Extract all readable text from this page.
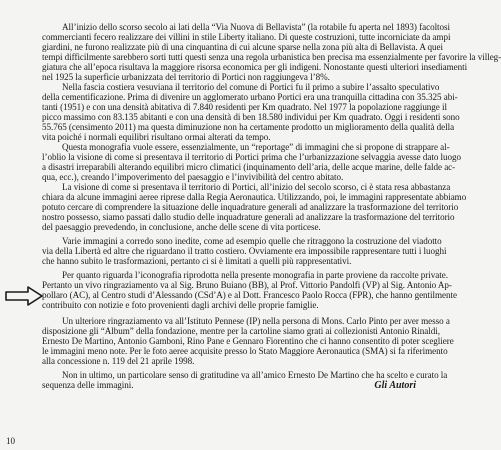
All’inizio dello scorso secolo ai lati della “Via Nuova di Bellavista” (la rotabile fu aperta nel 1893) facoltosi
commercianti fecero realizzare dei villini in stile Liberty italiano. Di queste costruzioni, tutte incorniciate da ampi
giardini, ne furono realizzate più di una cinquantina di cui alcune sparse nella zona più alta di Bellavista. A quei
tempi difficilmente sarebbero sorti tutti questi senza una regola urbanistica ben precisa ma essenzialmente per favorire la villeg-
giatura che all’epoca risultava la maggiore risorsa economica per gli indigeni. Nonostante questi ulteriori insediamenti
nel 1925 la superficie urbanizzata del territorio di Portici non raggiungeva l’8%.
Nella fascia costiera vesuviana il territorio del comune di Portici fu il primo a subire l’assalto speculativo
della cementificazione. Prima di divenire un agglomerato urbano Portici era una tranquilla cittadina con 35.325 abi-
tanti (1951) e con una densità abitativa di 7.840 residenti per Km quadrato. Nel 1977 la popolazione raggiunge il
picco massimo con 83.135 abitanti e con una densità di ben 18.580 individui per Km quadrato. Oggi i residenti sono
55.765 (censimento 2011) ma questa diminuzione non ha certamente prodotto un miglioramento della qualità della
vita poiché i normali equilibri risultano ormai alterati da tempo.
Questa monografia vuole essere, essenzialmente, un “reportage” di immagini che si propone di strappare al-
l’oblio la visione di come si presentava il territorio di Portici prima che l’urbanizzazione selvaggia avesse dato luogo
a disastri irreparabili alterando equilibri micro climatici (inquinamento dell’aria, delle acque marine, delle falde ac-
qua, ecc.), creando l’impoverimento del paesaggio e l’invivibilità del centro abitato.
La visione di come si presentava il territorio di Portici, all’inizio del secolo scorso, ci è stata resa abbastanza
chiara da alcune immagini aeree riprese dalla Regia Aeronautica. Utilizzando, poi, le immagini rappresentate abbiamo
potuto cercare di comprendere la situazione delle inquadrature generali ad analizzare la trasformazione del territorio
nostro possesso, siamo passati dallo studio delle inquadrature generali ad analizzare la trasformazione del territorio
del paesaggio prevedendo, in conclusione, anche delle scene di vita porticese.
Varie immagini a corredo sono inedite, come ad esempio quelle che ritraggono la costruzione del viadotto
via della Libertà ed altre che riguardano il tratto costiero. Ovviamente era impossibile rappresentare tutti i luoghi
che hanno subito le trasformazioni, pertanto ci si è limitati a quelli più rappresentativi.
Per quanto riguarda l’iconografia riprodotta nella presente monografia in parte proviene da raccolte private.
Pertanto un vivo ringraziamento va al Sig. Bruno Buiano (BB), al Prof. Vittorio Pandolfi (VP) al Sig. Antonio Ap-
pollaro (AC), al Centro studi d’Alessando (CSd’A) e al Dott. Francesco Paolo Rocca (FPR), che hanno gentilmente
contribuito con notizie e foto provenienti dagli archivi delle proprie famiglie.
Un ulteriore ringraziamento va all’Istituto Pennese (IP) nella persona di Mons. Carlo Pinto per aver messo a
disposizione gli “Album” della fondazione, mentre per la cartoline siamo grati ai collezionisti Antonio Rinaldi,
Ernesto De Martino, Antonio Gamboni, Rino Pane e Gennaro Fiorentino che ci hanno consentito di poter scegliere
le immagini meno note. Per le foto aeree acquisite presso lo Stato Maggiore Aeronautica (SMA) si fa riferimento
alla concessione n. 119 del 21 aprile 1998.
Non in ultimo, un particolare senso di gratitudine va all’amico Ernesto De Martino che ha scelto e curato la
sequenza delle immagini.	Gli Autori
10
